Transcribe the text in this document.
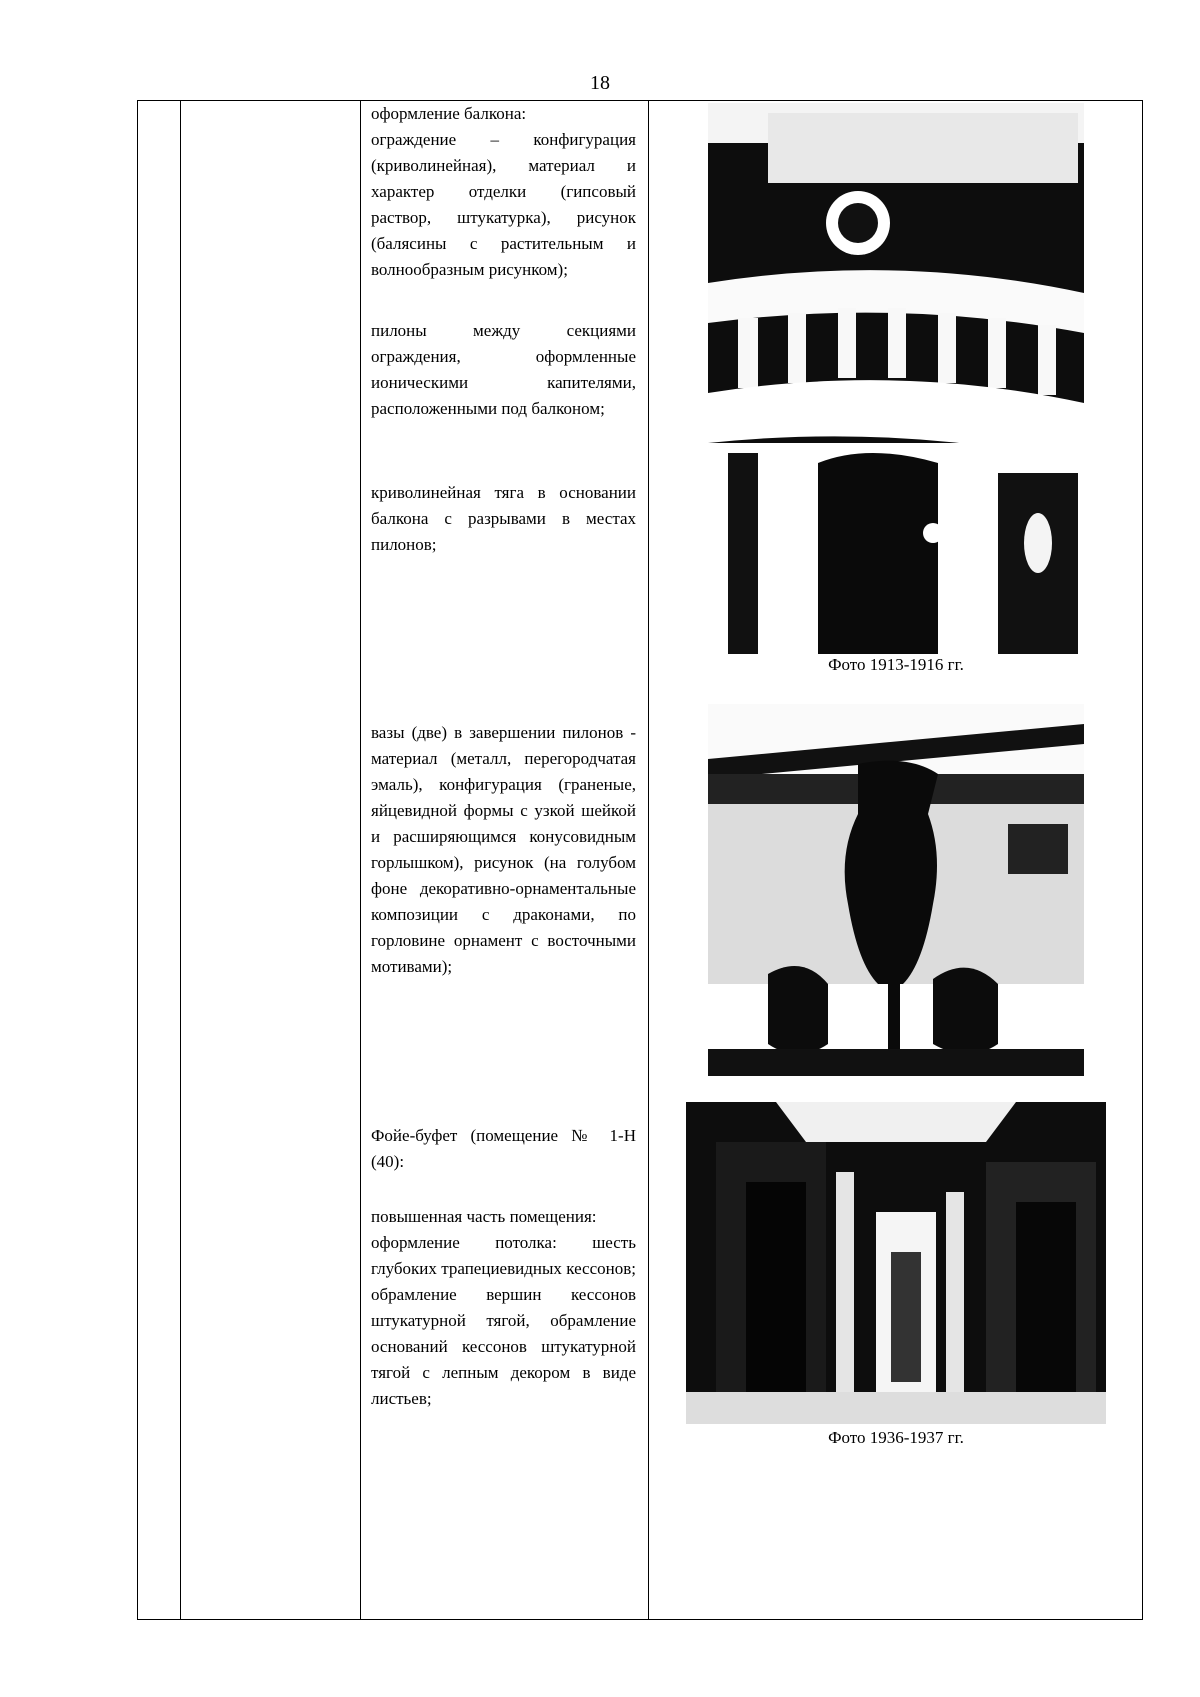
18

оформление балкона:

ограждение – конфигурация (криволинейная), материал и характер отделки (гипсовый раствор, штукатурка), рисунок (балясины с растительным и волнообразным рисунком);

пилоны между секциями ограждения, оформленные ионическими капителями, расположенными под балконом;

криволинейная тяга в основании балкона с разрывами в местах пилонов;

вазы (две) в завершении пилонов - материал (металл, перегородчатая эмаль), конфигурация (граненые, яйцевидной формы с узкой шейкой и расширяющимся конусовидным горлышком), рисунок (на голубом фоне декоративно-орнаментальные композиции с драконами, по горловине орнамент с восточными мотивами);

Фойе-буфет (помещение № 1-Н (40):

повышенная часть помещения:

оформление потолка: шесть глубоких трапециевидных кессонов; обрамление вершин кессонов штукатурной тягой, обрамление оснований кессонов штукатурной тягой с лепным декором в виде листьев;

Фото 1913-1916 гг.
Фото 1936-1937 гг.
